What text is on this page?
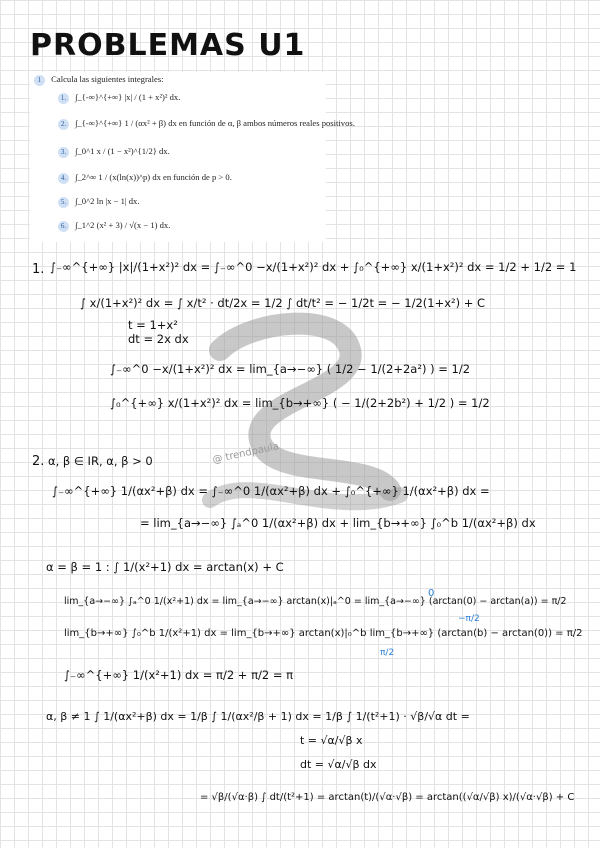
PROBLEMAS U1
1 Calcula las siguientes integrales:
1. ∫_{-∞}^{+∞} |x| / (1 + x²)² dx.
2. ∫_{-∞}^{+∞} 1 / (αx² + β) dx en función de α, β ambos números reales positivos.
3. ∫_0^1 x / (1 − x²)^{1/2} dx.
4. ∫_2^∞ 1 / (x(ln(x))^p) dx en función de p > 0.
5. ∫_0^2 ln |x − 1| dx.
6. ∫_1^2 (x² + 3) / √(x − 1) dx.
@ trendpaula
1. ∫₋∞^{+∞} |x|/(1+x²)² dx = ∫₋∞^0 −x/(1+x²)² dx + ∫₀^{+∞} x/(1+x²)² dx = 1/2 + 1/2 = 1
∫ x/(1+x²)² dx = ∫ x/t² · dt/2x = 1/2 ∫ dt/t² = − 1/2t = − 1/2(1+x²) + C
t = 1+x²
dt = 2x dx
∫₋∞^0 −x/(1+x²)² dx = lim_{a→−∞} ( 1/2 − 1/(2+2a²) ) = 1/2
∫₀^{+∞} x/(1+x²)² dx = lim_{b→+∞} ( − 1/(2+2b²) + 1/2 ) = 1/2
2. α, β ∈ IR, α, β > 0
∫₋∞^{+∞} 1/(αx²+β) dx = ∫₋∞^0 1/(αx²+β) dx + ∫₀^{+∞} 1/(αx²+β) dx =
= lim_{a→−∞} ∫ₐ^0 1/(αx²+β) dx + lim_{b→+∞} ∫₀^b 1/(αx²+β) dx
α = β = 1 : ∫ 1/(x²+1) dx = arctan(x) + C
lim_{a→−∞} ∫ₐ^0 1/(x²+1) dx = lim_{a→−∞} arctan(x)|ₐ^0 = lim_{a→−∞} (arctan(0) − arctan(a)) = π/2
0
−π/2
lim_{b→+∞} ∫₀^b 1/(x²+1) dx = lim_{b→+∞} arctan(x)|₀^b lim_{b→+∞} (arctan(b) − arctan(0)) = π/2
π/2
∫₋∞^{+∞} 1/(x²+1) dx = π/2 + π/2 = π
α, β ≠ 1 ∫ 1/(αx²+β) dx = 1/β ∫ 1/(αx²/β + 1) dx = 1/β ∫ 1/(t²+1) · √β/√α dt =
t = √α/√β x
dt = √α/√β dx
= √β/(√α·β) ∫ dt/(t²+1) = arctan(t)/(√α·√β) = arctan((√α/√β) x)/(√α·√β) + C
